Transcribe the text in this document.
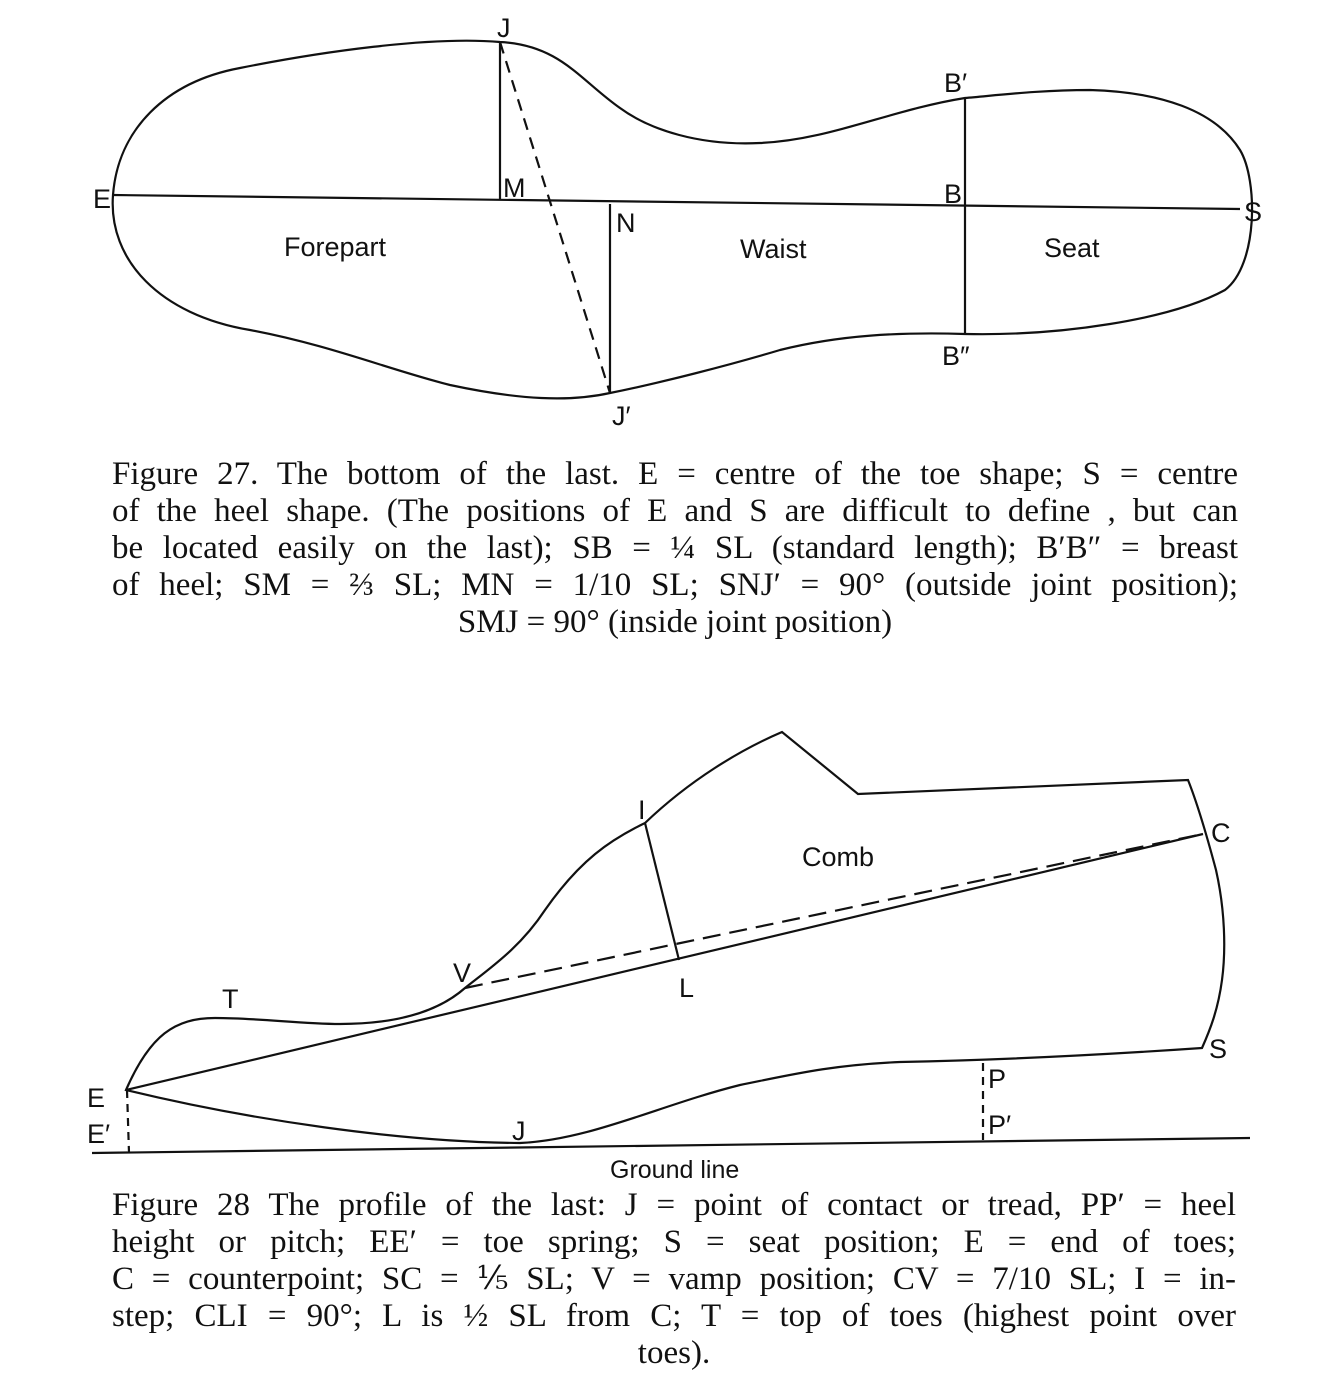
J
M
N
E	S
B′
B
B″
J′
Forepart	Waist	Seat
I
C
Comb
V	L
T
S
E
E′
P
P′
J
Ground line
Figure 27. The bottom of the last. E = centre of the toe shape; S = centre
of the heel shape. (The positions of E and S are difficult to define , but can
be located easily on the last); SB = ¼ SL (standard length); B′B″ = breast
of heel; SM = ⅔ SL; MN = 1/10 SL; SNJ′ = 90° (outside joint position);
SMJ = 90° (inside joint position)
Figure 28 The profile of the last: J = point of contact or tread, PP′ = heel
height or pitch; EE′ = toe spring; S = seat position; E = end of toes;
C = counterpoint; SC = ⅕ SL; V = vamp position; CV = 7/10 SL; I = in-
step; CLI = 90°; L is ½ SL from C; T = top of toes (highest point over
toes).
